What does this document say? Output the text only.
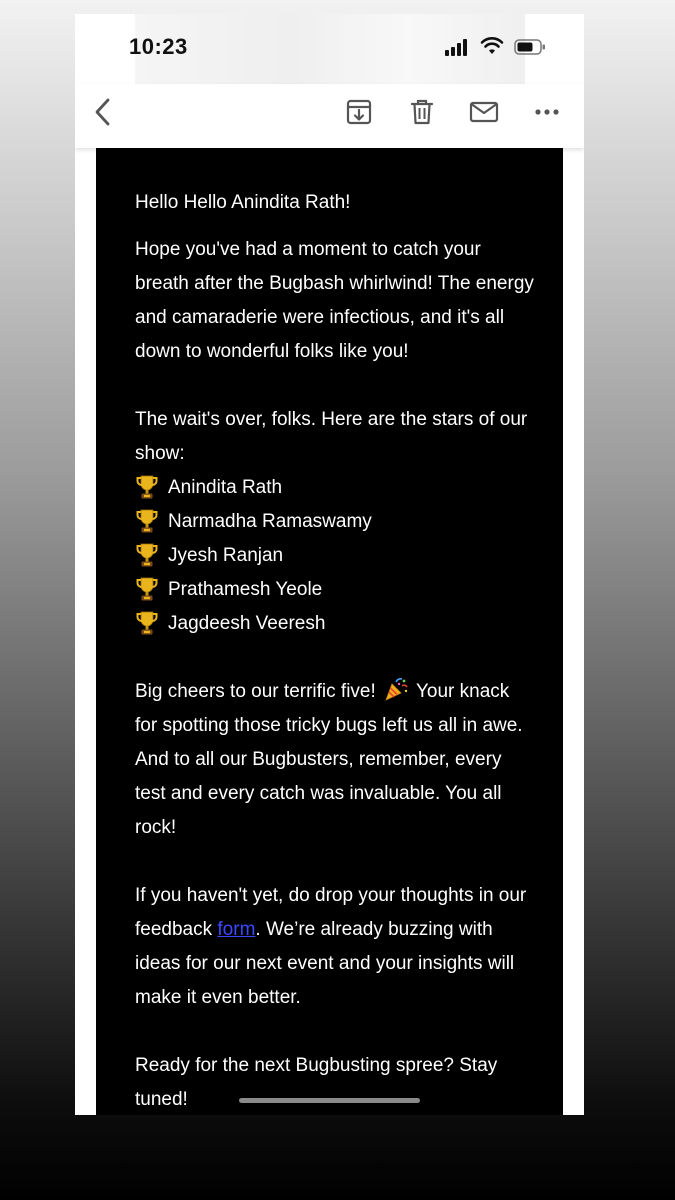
10:23

Hello Hello Anindita Rath!

Hope you've had a moment to catch your breath after the Bugbash whirlwind! The energy and camaraderie were infectious, and it's all down to wonderful folks like you!

The wait's over, folks. Here are the stars of our show:

Anindita Rath
Narmadha Ramaswamy
Jyesh Ranjan
Prathamesh Yeole
Jagdeesh Veeresh

Big cheers to our terrific five!  Your knack for spotting those tricky bugs left us all in awe. And to all our Bugbusters, remember, every test and every catch was invaluable. You all rock!

If you haven't yet, do drop your thoughts in our feedback form. We’re already buzzing with ideas for our next event and your insights will make it even better.

Ready for the next Bugbusting spree? Stay tuned!
